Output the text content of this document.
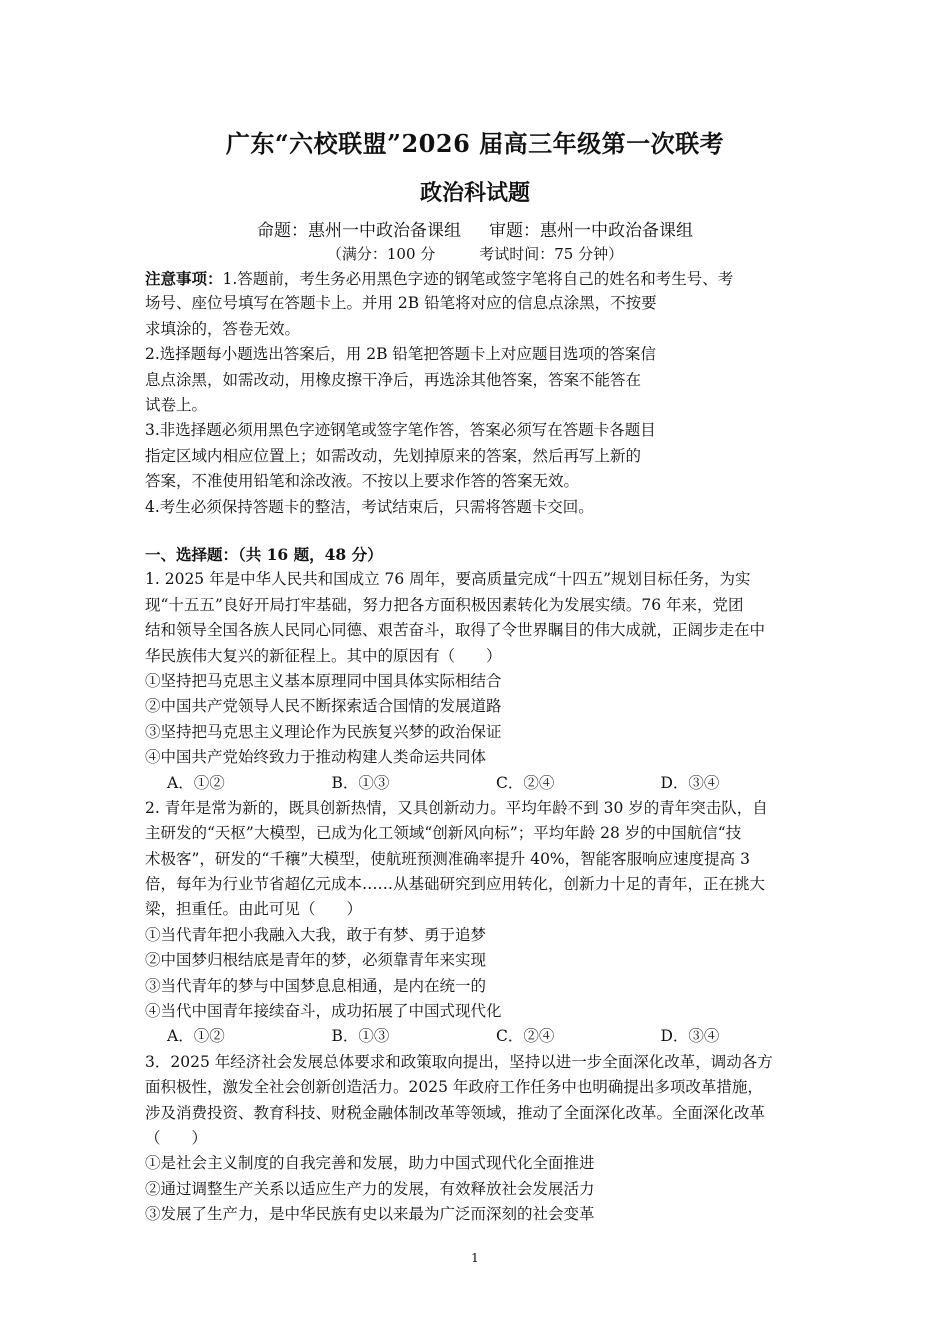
广东“六校联盟”2026 届高三年级第一次联考
政治科试题

命题：惠州一中政治备课组 审题：惠州一中政治备课组

（满分：100 分	考试时间：75 分钟）

注意事项：1.答题前，考生务必用黑色字迹的钢笔或签字笔将自己的姓名和考生号、考
场号、座位号填写在答题卡上。并用 2B 铅笔将对应的信息点涂黑，不按要
求填涂的，答卷无效。
2.选择题每小题选出答案后，用 2B 铅笔把答题卡上对应题目选项的答案信
息点涂黑，如需改动，用橡皮擦干净后，再选涂其他答案，答案不能答在
试卷上。
3.非选择题必须用黑色字迹钢笔或签字笔作答，答案必须写在答题卡各题目
指定区域内相应位置上；如需改动，先划掉原来的答案，然后再写上新的
答案，不准使用铅笔和涂改液。不按以上要求作答的答案无效。
4.考生必须保持答题卡的整洁，考试结束后，只需将答题卡交回。
一、选择题：（共 16 题，48 分）
1. 2025 年是中华人民共和国成立 76 周年，要高质量完成“十四五”规划目标任务，为实
现“十五五”良好开局打牢基础，努力把各方面积极因素转化为发展实绩。76 年来，党团
结和领导全国各族人民同心同德、艰苦奋斗，取得了令世界瞩目的伟大成就，正阔步走在中
华民族伟大复兴的新征程上。其中的原因有（　　）
①坚持把马克思主义基本原理同中国具体实际相结合
②中国共产党领导人民不断探索适合国情的发展道路
③坚持把马克思主义理论作为民族复兴梦的政治保证
④中国共产党始终致力于推动构建人类命运共同体
A．①②	B．①③	C．②④	D．③④
2. 青年是常为新的，既具创新热情，又具创新动力。平均年龄不到 30 岁的青年突击队，自
主研发的“天枢”大模型，已成为化工领域“创新风向标”；平均年龄 28 岁的中国航信“技
术极客”，研发的“千穰”大模型，使航班预测准确率提升 40%，智能客服响应速度提高 3
倍，每年为行业节省超亿元成本……从基础研究到应用转化，创新力十足的青年，正在挑大
梁，担重任。由此可见（　　）
①当代青年把小我融入大我，敢于有梦、勇于追梦
②中国梦归根结底是青年的梦，必须靠青年来实现
③当代青年的梦与中国梦息息相通，是内在统一的
④当代中国青年接续奋斗，成功拓展了中国式现代化
A．①②	B．①③	C．②④	D．③④
3．2025 年经济社会发展总体要求和政策取向提出，坚持以进一步全面深化改革，调动各方
面积极性，激发全社会创新创造活力。2025 年政府工作任务中也明确提出多项改革措施，
涉及消费投资、教育科技、财税金融体制改革等领域，推动了全面深化改革。全面深化改革
（　　）
①是社会主义制度的自我完善和发展，助力中国式现代化全面推进
②通过调整生产关系以适应生产力的发展，有效释放社会发展活力
③发展了生产力，是中华民族有史以来最为广泛而深刻的社会变革
1
